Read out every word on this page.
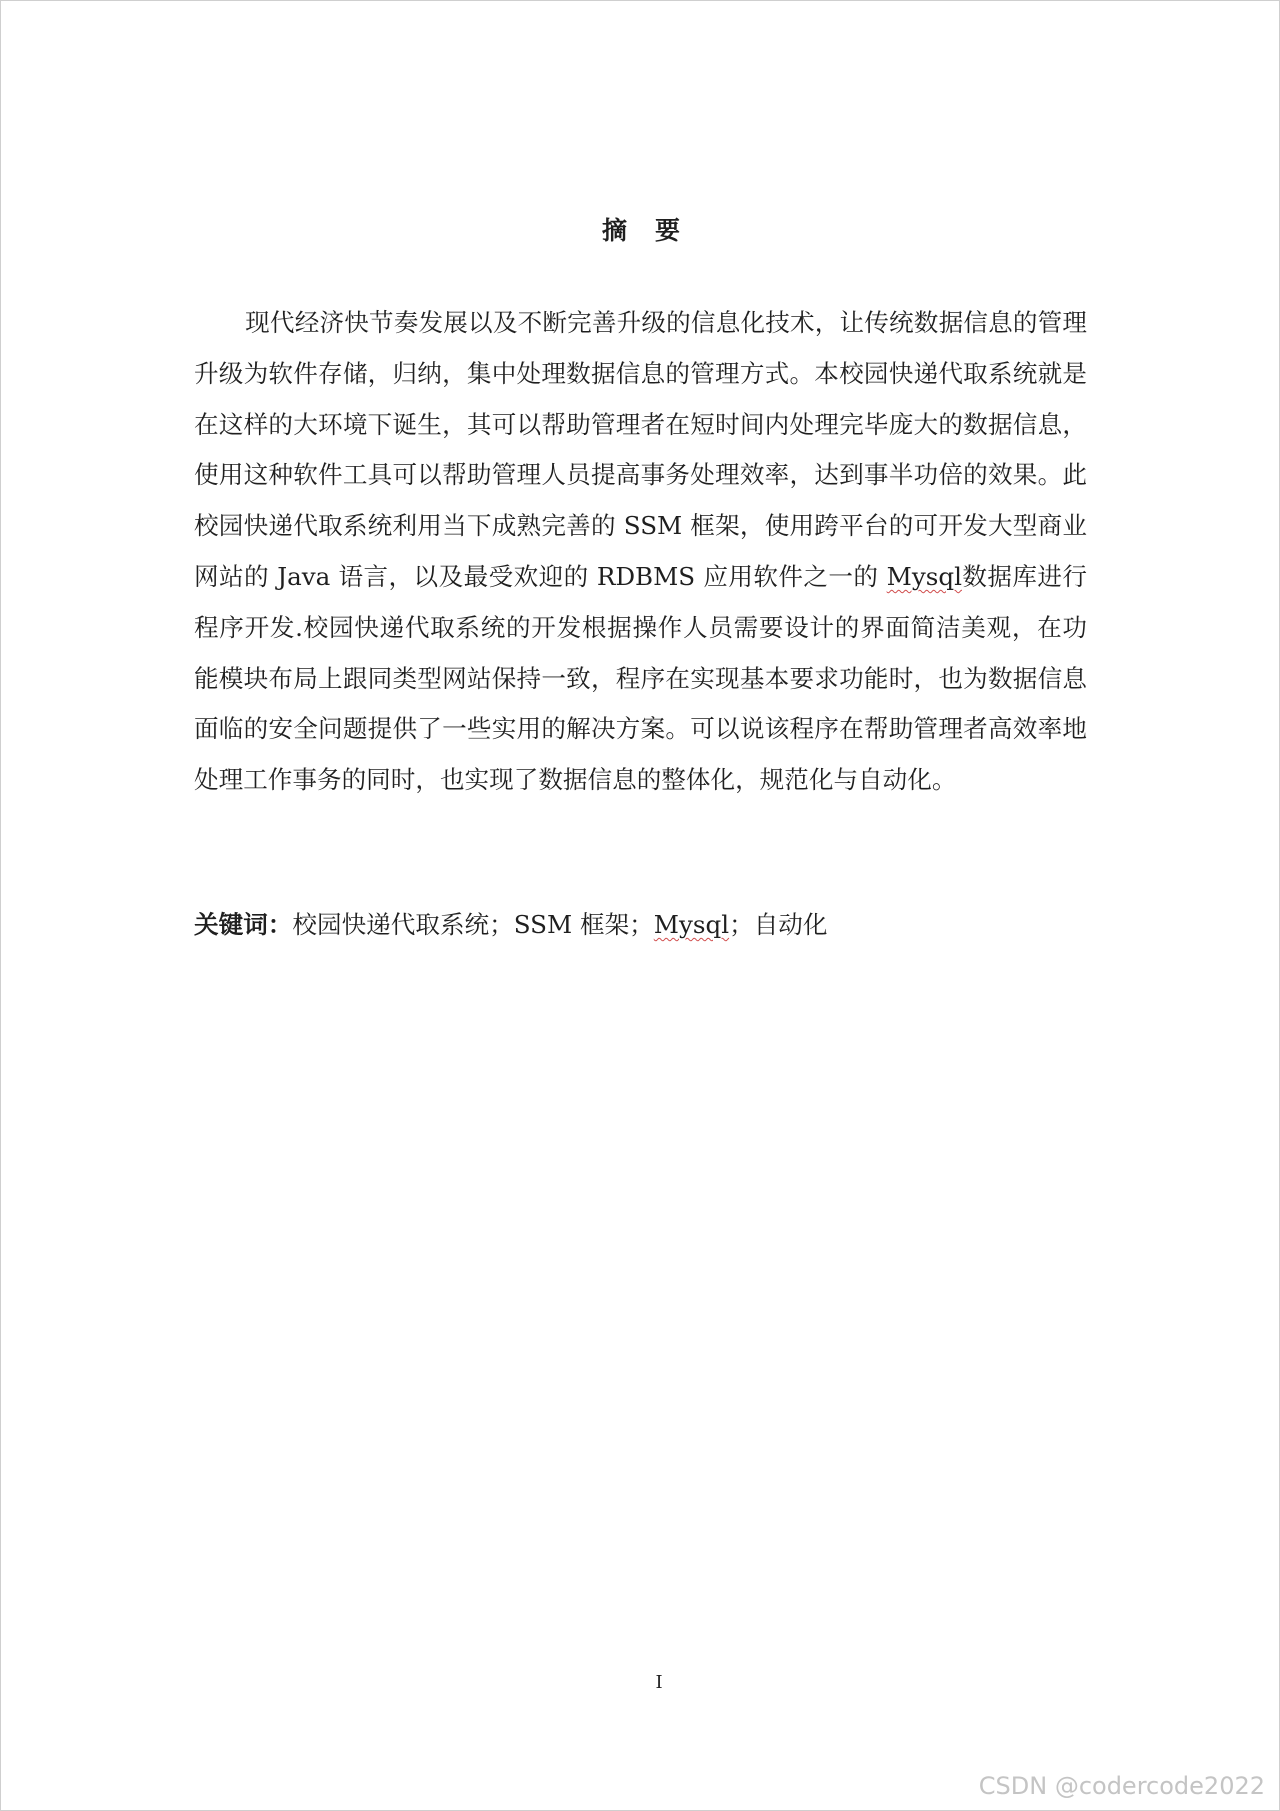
摘 要

现代经济快节奏发展以及不断完善升级的信息化技术，让传统数据信息的管理升级为软件存储，归纳，集中处理数据信息的管理方式。本校园快递代取系统就是在这样的大环境下诞生，其可以帮助管理者在短时间内处理完毕庞大的数据信息，使用这种软件工具可以帮助管理人员提高事务处理效率，达到事半功倍的效果。此校园快递代取系统利用当下成熟完善的 SSM 框架，使用跨平台的可开发大型商业网站的 Java 语言，以及最受欢迎的 RDBMS 应用软件之一的 Mysql数据库进行程序开发.校园快递代取系统的开发根据操作人员需要设计的界面简洁美观，在功能模块布局上跟同类型网站保持一致，程序在实现基本要求功能时，也为数据信息面临的安全问题提供了一些实用的解决方案。可以说该程序在帮助管理者高效率地处理工作事务的同时，也实现了数据信息的整体化，规范化与自动化。

关键词：校园快递代取系统；SSM 框架；Mysql；自动化
I
CSDN @codercode2022
